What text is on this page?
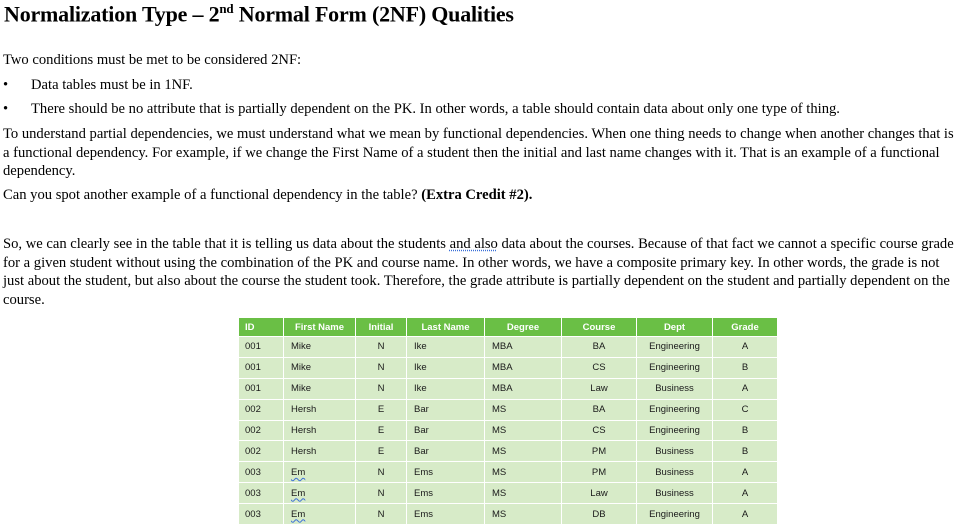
Normalization Type – 2nd Normal Form (2NF) Qualities

Two conditions must be met to be considered 2NF:

• Data tables must be in 1NF.
• There should be no attribute that is partially dependent on the PK. In other words, a table should contain data about only one type of thing.

To understand partial dependencies, we must understand what we mean by functional dependencies. When one thing needs to change when another changes that is a functional dependency. For example, if we change the First Name of a student then the initial and last name changes with it. That is an example of a functional dependency.

Can you spot another example of a functional dependency in the table? (Extra Credit #2).

So, we can clearly see in the table that it is telling us data about the students and also data about the courses. Because of that fact we cannot a specific course grade for a given student without using the combination of the PK and course name. In other words, we have a composite primary key. In other words, the grade is not just about the student, but also about the course the student took. Therefore, the grade attribute is partially dependent on the student and partially dependent on the course.

ID	First Name	Initial	Last Name	Degree	Course	Dept	Grade
001	Mike	N	Ike	MBA	BA	Engineering	A
001	Mike	N	Ike	MBA	CS	Engineering	B
001	Mike	N	Ike	MBA	Law	Business	A
002	Hersh	E	Bar	MS	BA	Engineering	C
002	Hersh	E	Bar	MS	CS	Engineering	B
002	Hersh	E	Bar	MS	PM	Business	B
003	Em	N	Ems	MS	PM	Business	A
003	Em	N	Ems	MS	Law	Business	A
003	Em	N	Ems	MS	DB	Engineering	A
